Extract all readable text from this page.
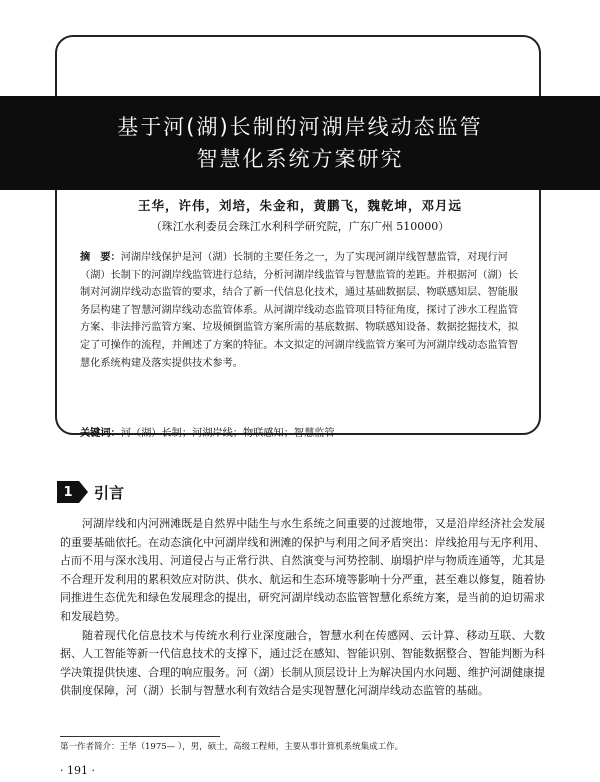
基于河(湖)长制的河湖岸线动态监管
智慧化系统方案研究
王华，许伟，刘培，朱金和，黄鹏飞，魏乾坤，邓月远
（珠江水利委员会珠江水利科学研究院，广东广州 510000）
摘　要：河湖岸线保护是河（湖）长制的主要任务之一，为了实现河湖岸线智慧监管，对现行河（湖）长制下的河湖岸线监管进行总结，分析河湖岸线监管与智慧监管的差距。并根据河（湖）长制对河湖岸线动态监管的要求，结合了新一代信息化技术，通过基础数据层、物联感知层、智能服务层构建了智慧河湖岸线动态监管体系。从河湖岸线动态监管项目特征角度，探讨了涉水工程监管方案、非法排污监管方案、垃圾倾倒监管方案所需的基底数据、物联感知设备、数据挖掘技术，拟定了可操作的流程，并阐述了方案的特征。本文拟定的河湖岸线监管方案可为河湖岸线动态监管智慧化系统构建及落实提供技术参考。
关键词：河（湖）长制；河湖岸线；物联感知；智慧监管
1	引言

河湖岸线和内河洲滩既是自然界中陆生与水生系统之间重要的过渡地带，又是沿岸经济社会发展的重要基础依托。在动态演化中河湖岸线和洲滩的保护与利用之间矛盾突出：岸线抢用与无序利用、占而不用与深水浅用、河道侵占与正常行洪、自然演变与河势控制、崩塌护岸与物质连通等，尤其是不合理开发利用的累积效应对防洪、供水、航运和生态环境等影响十分严重，甚至难以修复，随着协同推进生态优先和绿色发展理念的提出，研究河湖岸线动态监管智慧化系统方案，是当前的迫切需求和发展趋势。

随着现代化信息技术与传统水利行业深度融合，智慧水利在传感网、云计算、移动互联、大数据、人工智能等新一代信息技术的支撑下，通过泛在感知、智能识别、智能数据整合、智能判断为科学决策提供快速、合理的响应服务。河（湖）长制从顶层设计上为解决国内水问题、维护河湖健康提供制度保障，河（湖）长制与智慧水利有效结合是实现智慧化河湖岸线动态监管的基础。

第一作者简介：王华（1975— ），男，硕士，高级工程师，主要从事计算机系统集成工作。
· 191 ·
